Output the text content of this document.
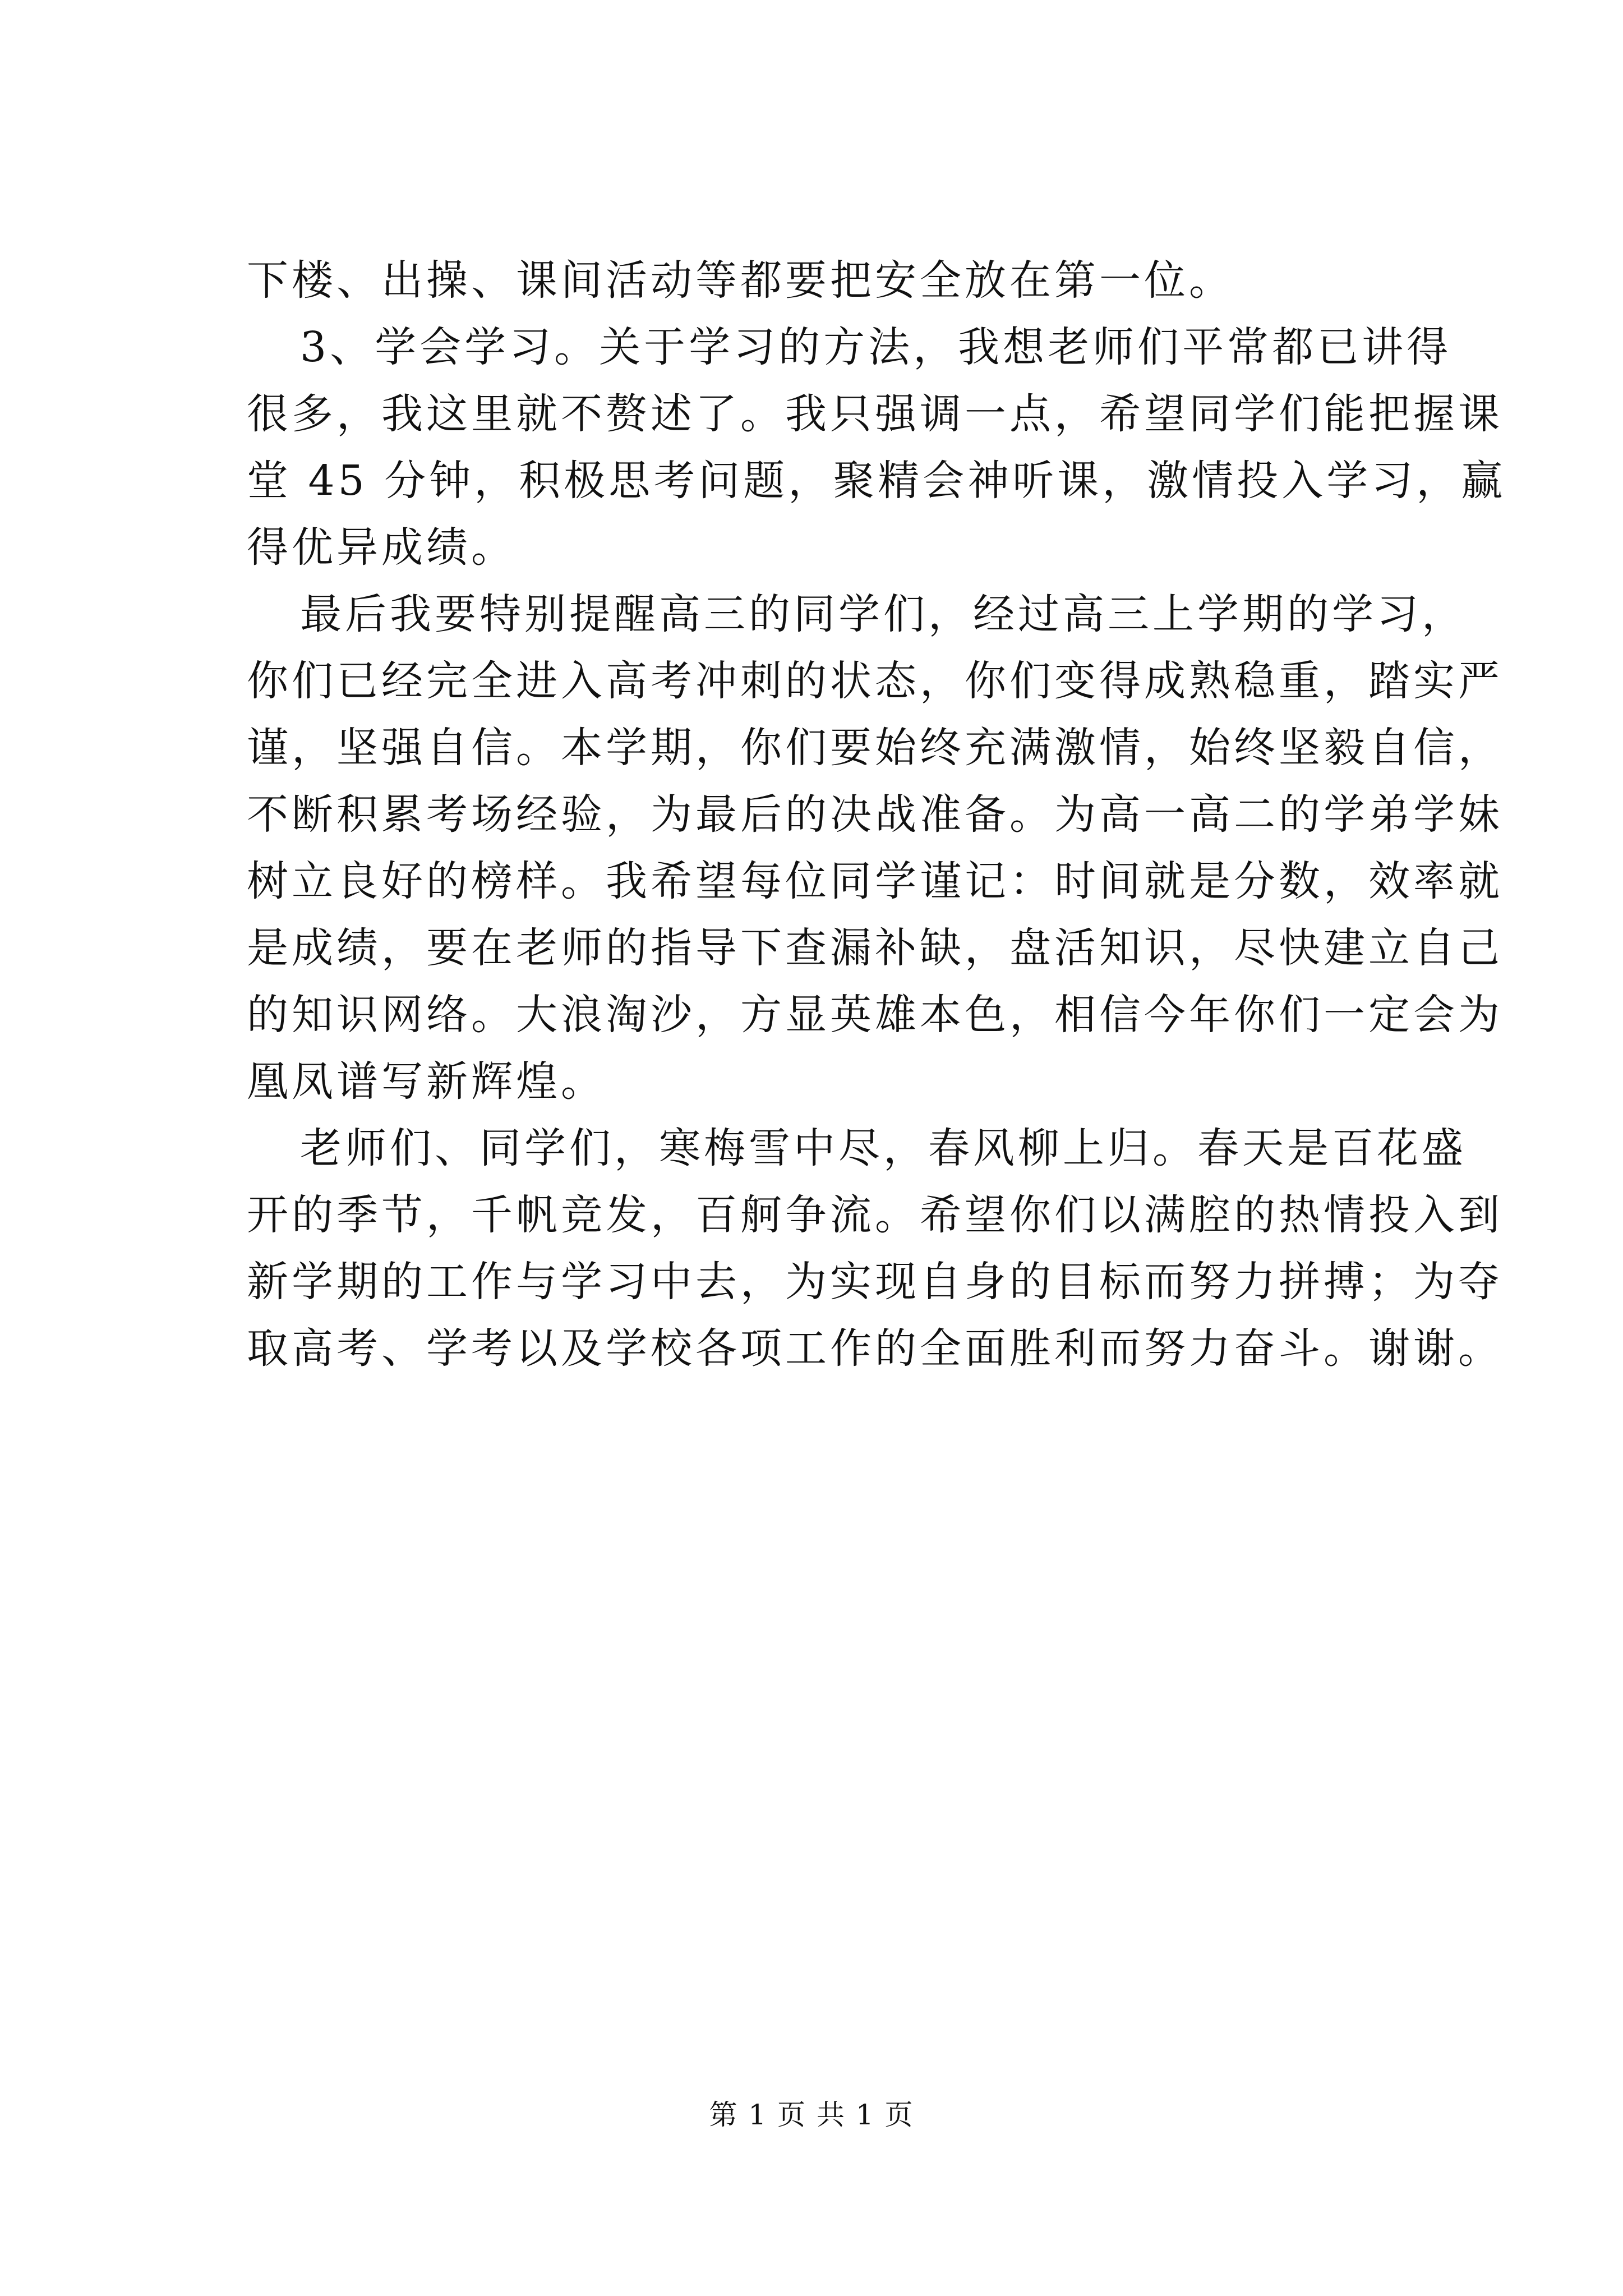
下楼、出操、课间活动等都要把安全放在第一位。
3、学会学习。关于学习的方法，我想老师们平常都已讲得
很多，我这里就不赘述了。我只强调一点，希望同学们能把握课
堂 45 分钟，积极思考问题，聚精会神听课，激情投入学习，赢
得优异成绩。
最后我要特别提醒高三的同学们，经过高三上学期的学习，
你们已经完全进入高考冲刺的状态，你们变得成熟稳重，踏实严
谨，坚强自信。本学期，你们要始终充满激情，始终坚毅自信，
不断积累考场经验，为最后的决战准备。为高一高二的学弟学妹
树立良好的榜样。我希望每位同学谨记：时间就是分数，效率就
是成绩，要在老师的指导下查漏补缺，盘活知识，尽快建立自己
的知识网络。大浪淘沙，方显英雄本色，相信今年你们一定会为
凰凤谱写新辉煌。
老师们、同学们，寒梅雪中尽，春风柳上归。春天是百花盛
开的季节，千帆竞发，百舸争流。希望你们以满腔的热情投入到
新学期的工作与学习中去，为实现自身的目标而努力拼搏；为夺
取高考、学考以及学校各项工作的全面胜利而努力奋斗。谢谢。
第 1 页 共 1 页
